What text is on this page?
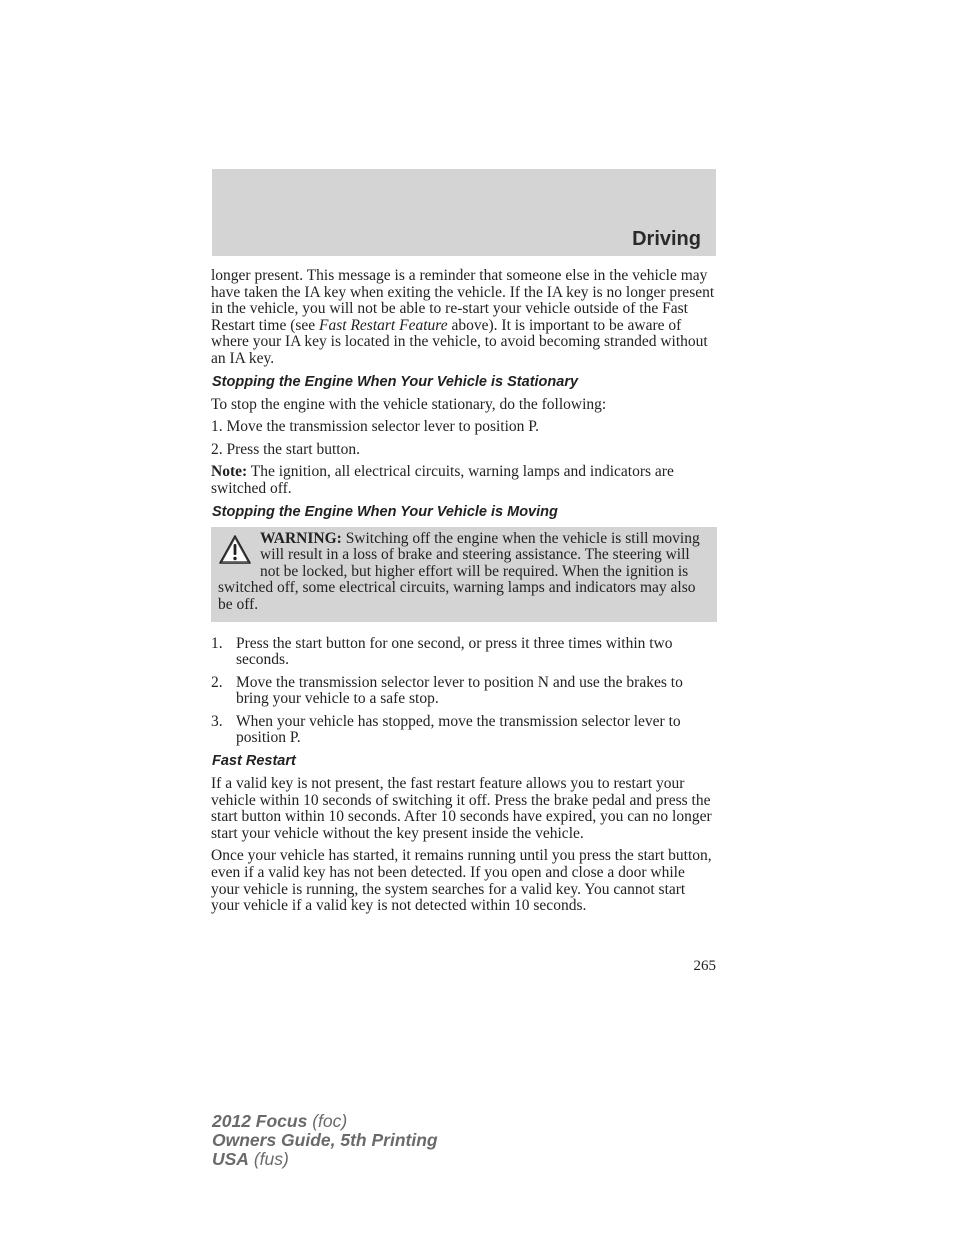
Driving

longer present. This message is a reminder that someone else in the vehicle may have taken the IA key when exiting the vehicle. If the IA key is no longer present in the vehicle, you will not be able to re-start your vehicle outside of the Fast Restart time (see Fast Restart Feature above). It is important to be aware of where your IA key is located in the vehicle, to avoid becoming stranded without an IA key.

Stopping the Engine When Your Vehicle is Stationary

To stop the engine with the vehicle stationary, do the following:

1. Move the transmission selector lever to position P.

2. Press the start button.

Note: The ignition, all electrical circuits, warning lamps and indicators are switched off.

Stopping the Engine When Your Vehicle is Moving
WARNING: Switching off the engine when the vehicle is still moving will result in a loss of brake and steering assistance. The steering will not be locked, but higher effort will be required. When the ignition is switched off, some electrical circuits, warning lamps and indicators may also be off.
1. Press the start button for one second, or press it three times within two seconds.
2. Move the transmission selector lever to position N and use the brakes to bring your vehicle to a safe stop.
3. When your vehicle has stopped, move the transmission selector lever to position P.
Fast Restart

If a valid key is not present, the fast restart feature allows you to restart your vehicle within 10 seconds of switching it off. Press the brake pedal and press the start button within 10 seconds. After 10 seconds have expired, you can no longer start your vehicle without the key present inside the vehicle.

Once your vehicle has started, it remains running until you press the start button, even if a valid key has not been detected. If you open and close a door while your vehicle is running, the system searches for a valid key. You cannot start your vehicle if a valid key is not detected within 10 seconds.

265
2012 Focus (foc)
Owners Guide, 5th Printing
USA (fus)
